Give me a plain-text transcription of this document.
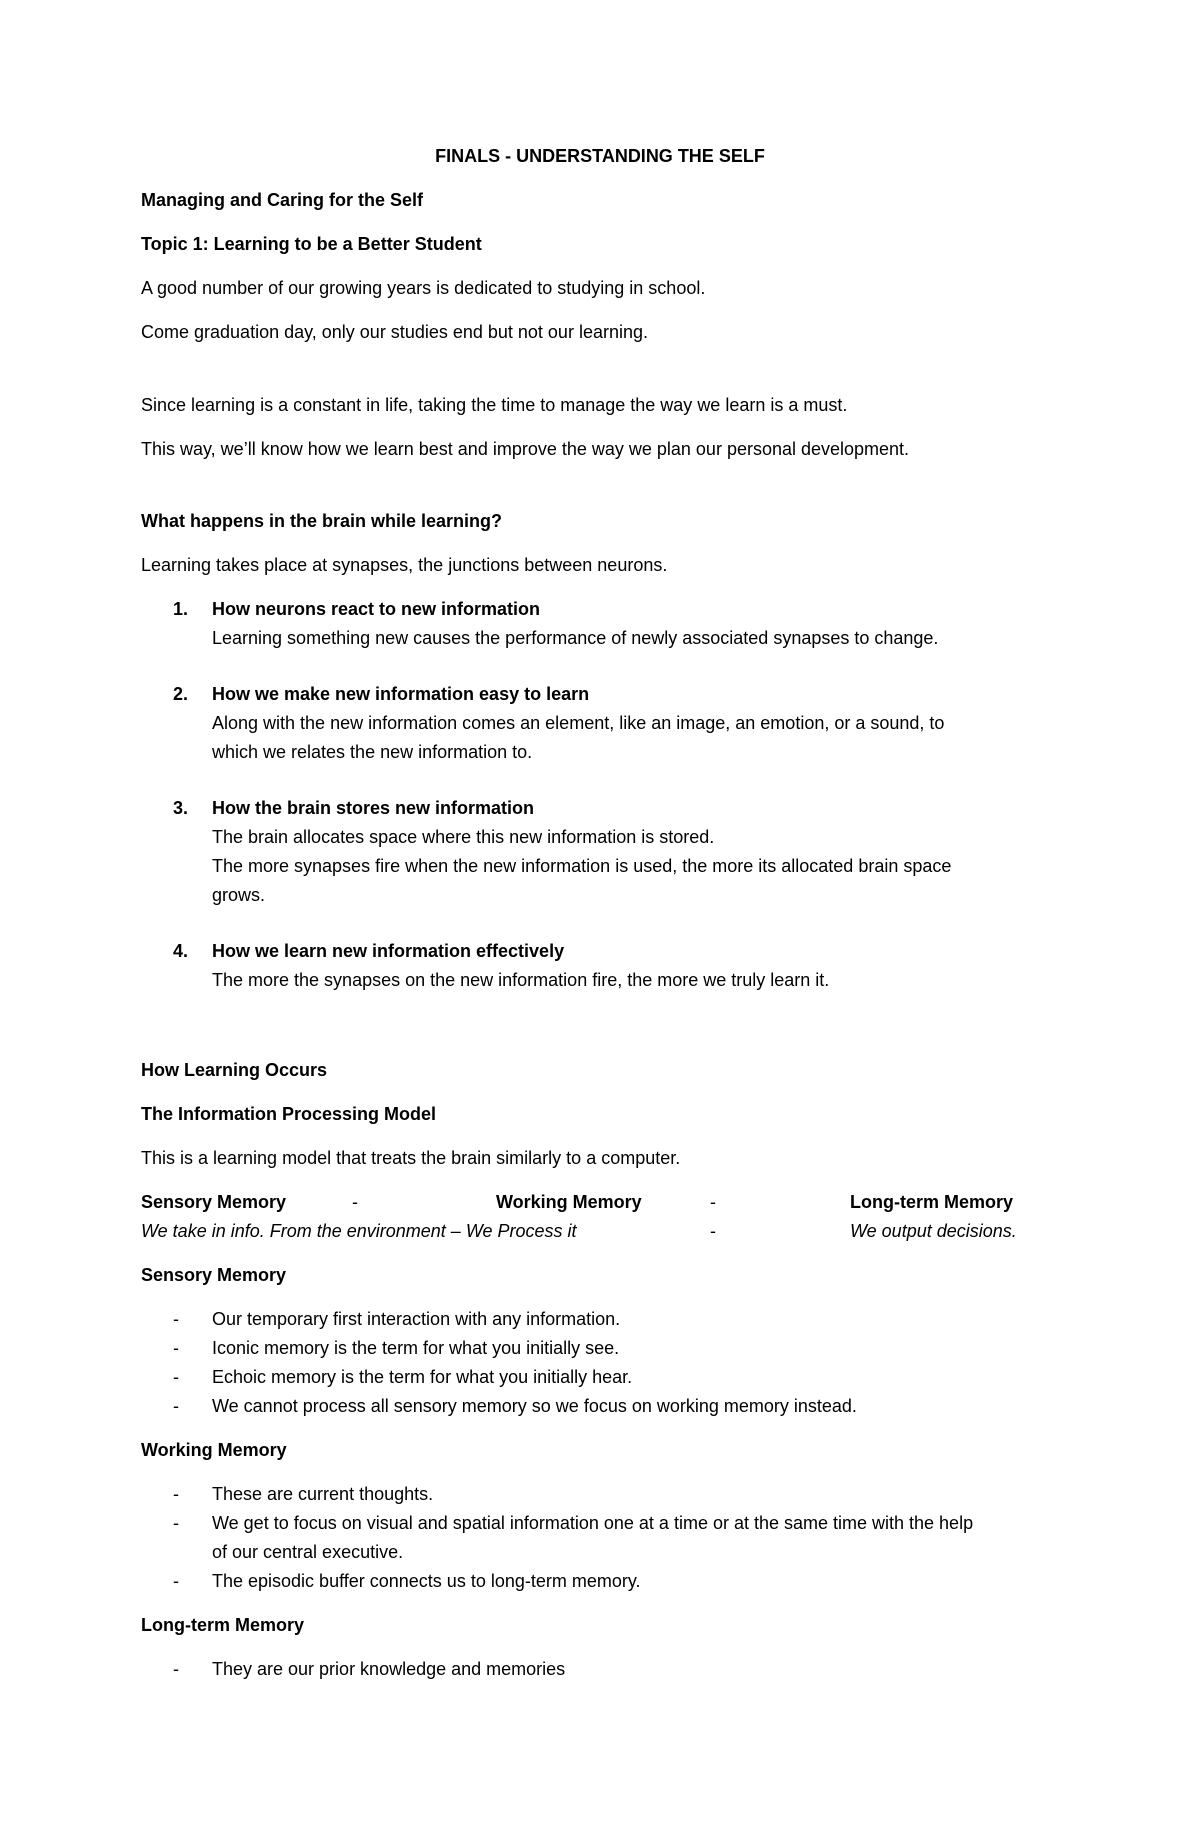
FINALS - UNDERSTANDING THE SELF
Managing and Caring for the Self
Topic 1: Learning to be a Better Student
A good number of our growing years is dedicated to studying in school.
Come graduation day, only our studies end but not our learning.
Since learning is a constant in life, taking the time to manage the way we learn is a must.
This way, we’ll know how we learn best and improve the way we plan our personal development.
What happens in the brain while learning?
Learning takes place at synapses, the junctions between neurons.
1. How neurons react to new information
Learning something new causes the performance of newly associated synapses to change.
2. How we make new information easy to learn
Along with the new information comes an element, like an image, an emotion, or a sound, to
which we relates the new information to.
3. How the brain stores new information
The brain allocates space where this new information is stored.
The more synapses fire when the new information is used, the more its allocated brain space
grows.
4. How we learn new information effectively
The more the synapses on the new information fire, the more we truly learn it.
How Learning Occurs
The Information Processing Model
This is a learning model that treats the brain similarly to a computer.
Sensory Memory	-	Working Memory	-	Long-term Memory
We take in info. From the environment – We Process it	-	We output decisions.
Sensory Memory
- Our temporary first interaction with any information.
- Iconic memory is the term for what you initially see.
- Echoic memory is the term for what you initially hear.
- We cannot process all sensory memory so we focus on working memory instead.
Working Memory
- These are current thoughts.
- We get to focus on visual and spatial information one at a time or at the same time with the help
of our central executive.
- The episodic buffer connects us to long-term memory.
Long-term Memory
- They are our prior knowledge and memories
